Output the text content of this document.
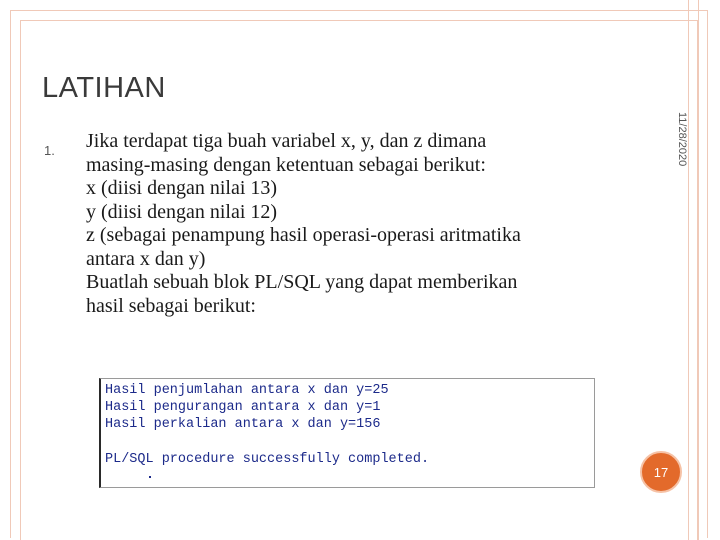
LATIHAN
11/28/2020
1. Jika terdapat tiga buah variabel x, y, dan z dimana
masing-masing dengan ketentuan sebagai berikut:
x (diisi dengan nilai 13)
y (diisi dengan nilai 12)
z (sebagai penampung hasil operasi-operasi aritmatika
antara x dan y)
Buatlah sebuah blok PL/SQL yang dapat memberikan
hasil sebagai berikut:
Hasil penjumlahan antara x dan y=25
Hasil pengurangan antara x dan y=1
Hasil perkalian antara x dan y=156
PL/SQL procedure successfully completed.
17
